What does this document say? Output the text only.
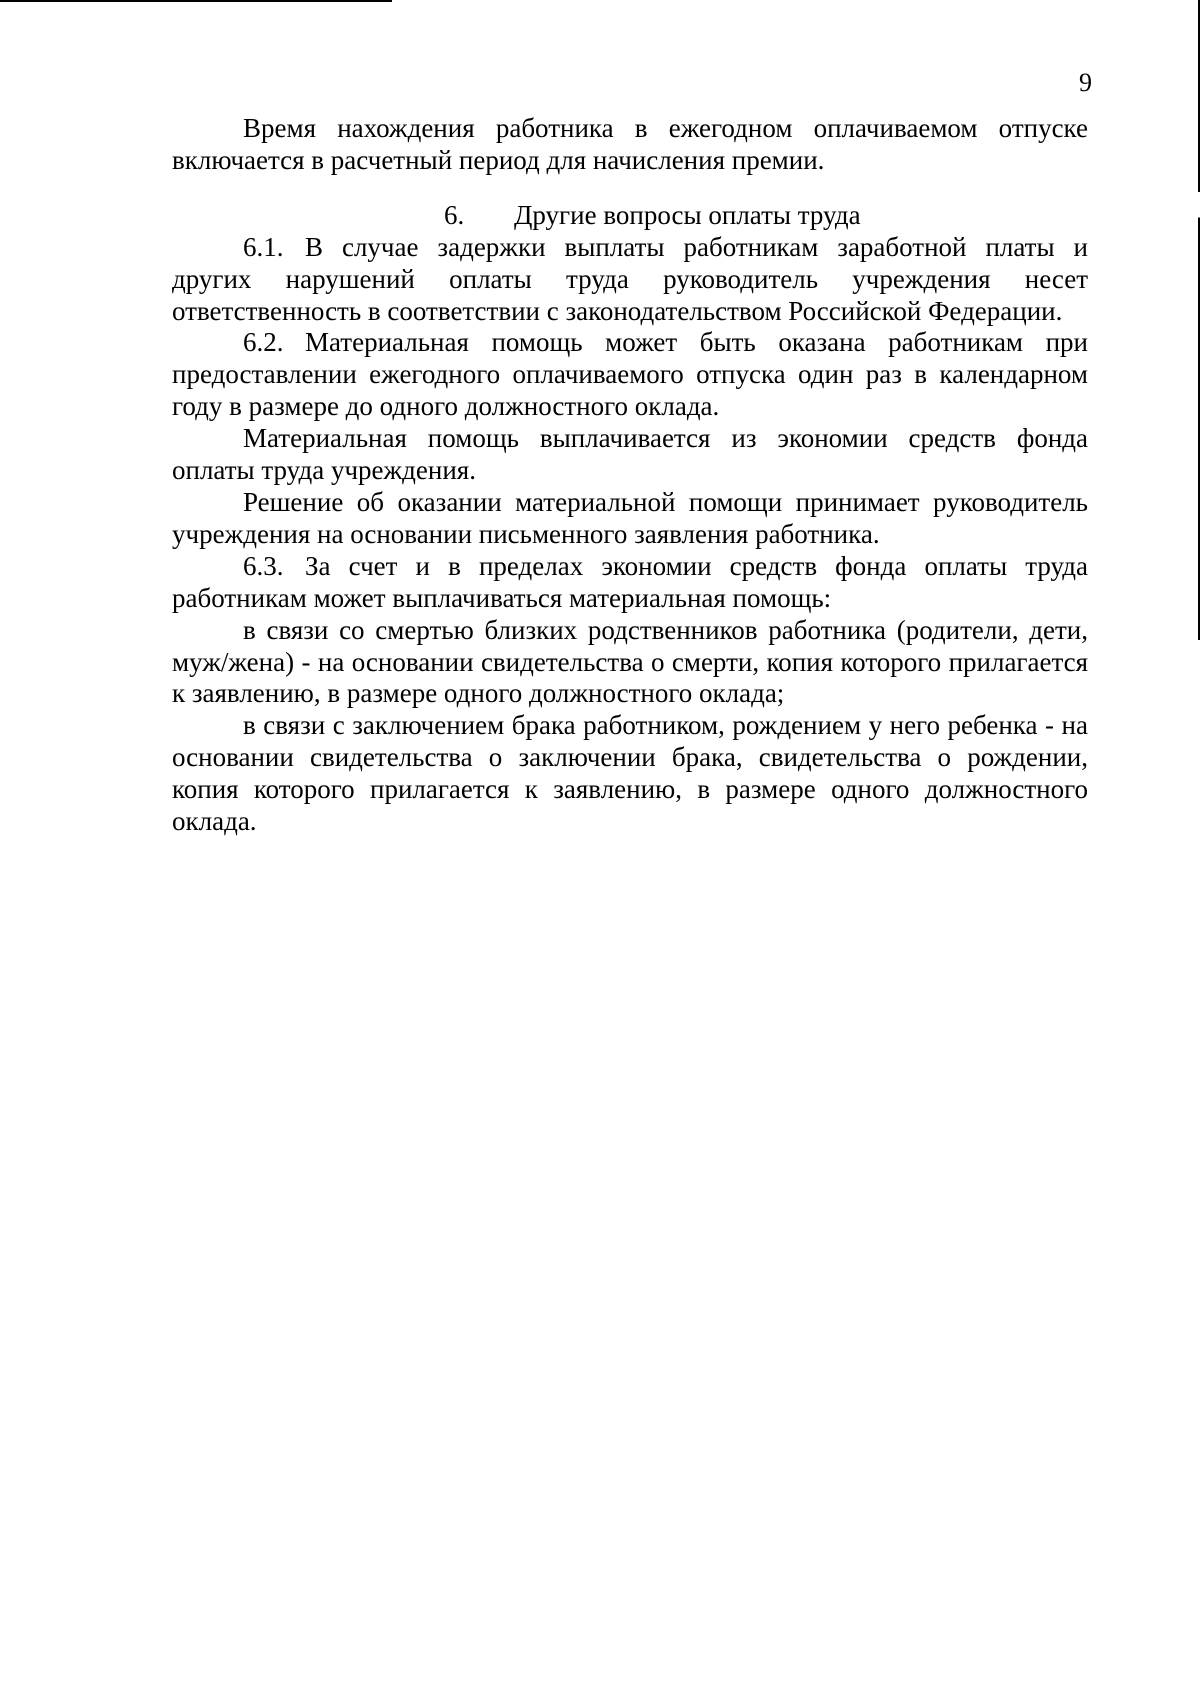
9

Время нахождения работника в ежегодном оплачиваемом отпуске включается в расчетный период для начисления премии.

6. Другие вопросы оплаты труда

6.1. В случае задержки выплаты работникам заработной платы и других нарушений оплаты труда руководитель учреждения несет ответственность в соответствии с законодательством Российской Федерации.

6.2. Материальная помощь может быть оказана работникам при предоставлении ежегодного оплачиваемого отпуска один раз в календарном году в размере до одного должностного оклада.

Материальная помощь выплачивается из экономии средств фонда оплаты труда учреждения.

Решение об оказании материальной помощи принимает руководитель учреждения на основании письменного заявления работника.

6.3. За счет и в пределах экономии средств фонда оплаты труда работникам может выплачиваться материальная помощь:

в связи со смертью близких родственников работника (родители, дети, муж/жена) - на основании свидетельства о смерти, копия которого прилагается к заявлению, в размере одного должностного оклада;

в связи с заключением брака работником, рождением у него ребенка - на основании свидетельства о заключении брака, свидетельства о рождении, копия которого прилагается к заявлению, в размере одного должностного оклада.
